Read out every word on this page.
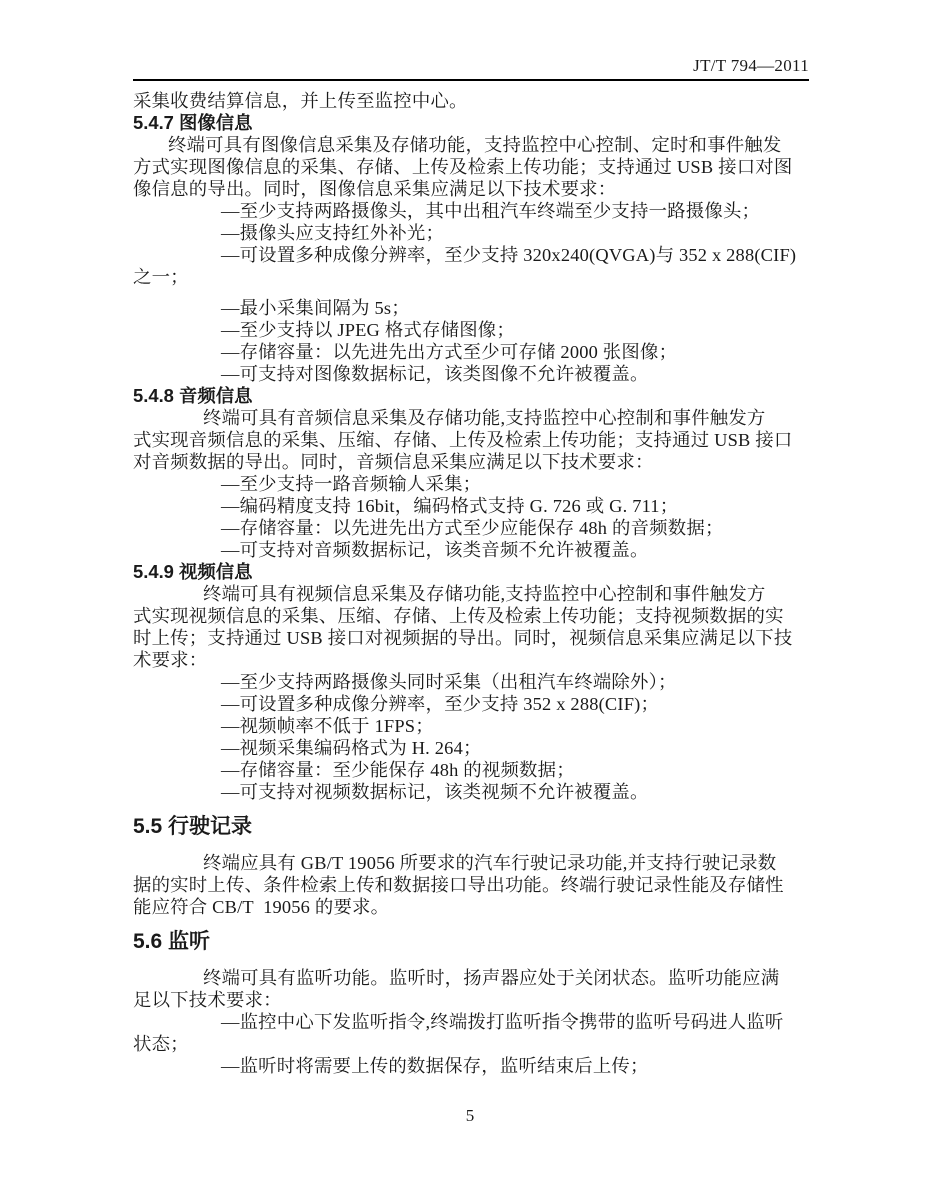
JT/T 794—2011
采集收费结算信息，并上传至监控中心。
5.4.7 图像信息
终端可具有图像信息采集及存储功能，支持监控中心控制、定时和事件触发
方式实现图像信息的采集、存储、上传及检索上传功能；支持通过 USB 接口对图
像信息的导出。同时，图像信息采集应满足以下技术要求：
—至少支持两路摄像头，其中出租汽车终端至少支持一路摄像头；
—摄像头应支持红外补光；
—可设置多种成像分辨率，至少支持 320x240(QVGA)与 352 x 288(CIF)
之一；
—最小采集间隔为 5s；
—至少支持以 JPEG 格式存储图像；
—存储容量：以先进先出方式至少可存储 2000 张图像；
—可支持对图像数据标记，该类图像不允许被覆盖。
5.4.8 音频信息
终端可具有音频信息采集及存储功能,支持监控中心控制和事件触发方
式实现音频信息的采集、压缩、存储、上传及检索上传功能；支持通过 USB 接口
对音频数据的导出。同时，音频信息采集应满足以下技术要求：
—至少支持一路音频输人采集；
—编码精度支持 16bit，编码格式支持 G. 726 或 G. 711；
—存储容量：以先进先出方式至少应能保存 48h 的音频数据；
—可支持对音频数据标记，该类音频不允许被覆盖。
5.4.9 视频信息
终端可具有视频信息采集及存储功能,支持监控中心控制和事件触发方
式实现视频信息的采集、压缩、存储、上传及检索上传功能；支持视频数据的实
时上传；支持通过 USB 接口对视频据的导出。同时，视频信息采集应满足以下技
术要求：
—至少支持两路摄像头同时采集（出租汽车终端除外）；
—可设置多种成像分辨率，至少支持 352 x 288(CIF)；
—视频帧率不低于 1FPS；
—视频采集编码格式为 H. 264；
—存储容量：至少能保存 48h 的视频数据；
—可支持对视频数据标记，该类视频不允许被覆盖。
5.5 行驶记录
终端应具有 GB/T 19056 所要求的汽车行驶记录功能,并支持行驶记录数
据的实时上传、条件检索上传和数据接口导出功能。终端行驶记录性能及存储性
能应符合 CB/T  19056 的要求。
5.6 监听
终端可具有监听功能。监听时，扬声器应处于关闭状态。监听功能应满
足以下技术要求：
—监控中心下发监听指令,终端拨打监听指令携带的监听号码进人监听
状态；
—监听时将需要上传的数据保存，监听结束后上传；
5
